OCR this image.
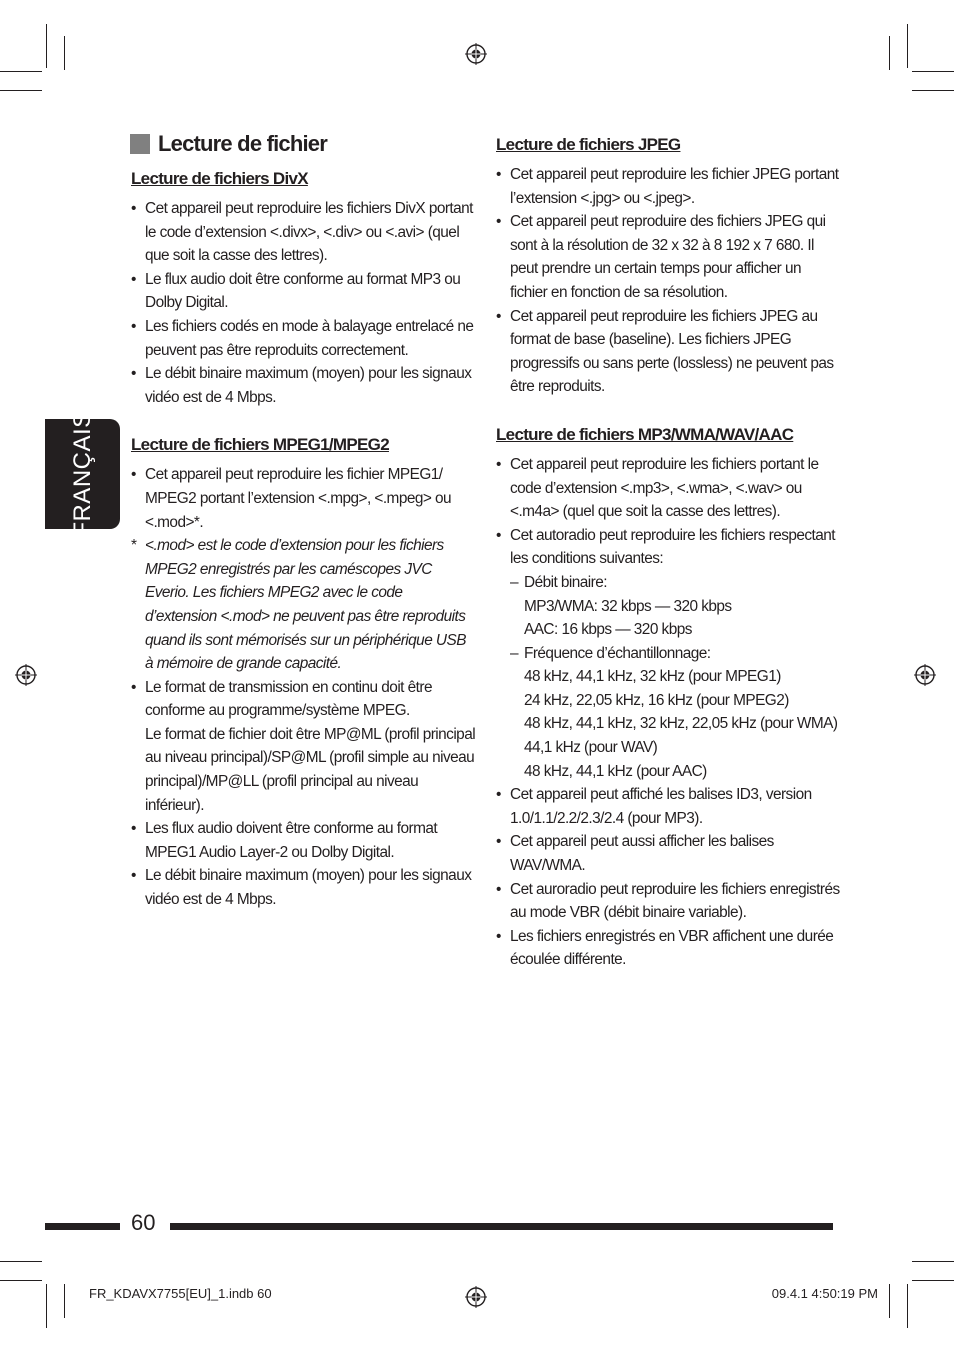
FRANÇAIS
Lecture de fichier
Lecture de fichiers DivX
• Cet appareil peut reproduire les fichiers DivX portant le code d’extension <.divx>, <.div> ou <.avi> (quel que soit la casse des lettres).
• Le flux audio doit être conforme au format MP3 ou Dolby Digital.
• Les fichiers codés en mode à balayage entrelacé ne peuvent pas être reproduits correctement.
• Le débit binaire maximum (moyen) pour les signaux vidéo est de 4 Mbps.
Lecture de fichiers MPEG1/MPEG2
• Cet appareil peut reproduire les fichier MPEG1/ MPEG2 portant l’extension <.mpg>, <.mpeg> ou <.mod>*.
* <.mod> est le code d’extension pour les fichiers MPEG2 enregistrés par les caméscopes JVC Everio. Les fichiers MPEG2 avec le code d’extension <.mod> ne peuvent pas être reproduits quand ils sont mémorisés sur un périphérique USB à mémoire de grande capacité.
• Le format de transmission en continu doit être conforme au programme/système MPEG.
Le format de fichier doit être MP@ML (profil principal au niveau principal)/SP@ML (profil simple au niveau principal)/MP@LL (profil principal au niveau inférieur).
• Les flux audio doivent être conforme au format MPEG1 Audio Layer-2 ou Dolby Digital.
• Le débit binaire maximum (moyen) pour les signaux vidéo est de 4 Mbps.
Lecture de fichiers JPEG
• Cet appareil peut reproduire les fichier JPEG portant l’extension <.jpg> ou <.jpeg>.
• Cet appareil peut reproduire des fichiers JPEG qui sont à la résolution de 32 x 32 à 8 192 x 7 680. Il peut prendre un certain temps pour afficher un fichier en fonction de sa résolution.
• Cet appareil peut reproduire les fichiers JPEG au format de base (baseline). Les fichiers JPEG progressifs ou sans perte (lossless) ne peuvent pas être reproduits.
Lecture de fichiers MP3/WMA/WAV/AAC
• Cet appareil peut reproduire les fichiers portant le code d’extension <.mp3>, <.wma>, <.wav> ou <.m4a> (quel que soit la casse des lettres).
• Cet autoradio peut reproduire les fichiers respectant les conditions suivantes:
– Débit binaire:
MP3/WMA: 32 kbps — 320 kbps
AAC: 16 kbps — 320 kbps
– Fréquence d’échantillonnage:
48 kHz, 44,1 kHz, 32 kHz (pour MPEG1)
24 kHz, 22,05 kHz, 16 kHz (pour MPEG2)
48 kHz, 44,1 kHz, 32 kHz, 22,05 kHz (pour WMA)
44,1 kHz (pour WAV)
48 kHz, 44,1 kHz (pour AAC)
• Cet appareil peut affiché les balises ID3, version 1.0/1.1/2.2/2.3/2.4 (pour MP3).
• Cet appareil peut aussi afficher les balises WAV/WMA.
• Cet auroradio peut reproduire les fichiers enregistrés au mode VBR (débit binaire variable).
• Les fichiers enregistrés en VBR affichent une durée écoulée différente.
60
FR_KDAVX7755[EU]_1.indb 60	09.4.1 4:50:19 PM
